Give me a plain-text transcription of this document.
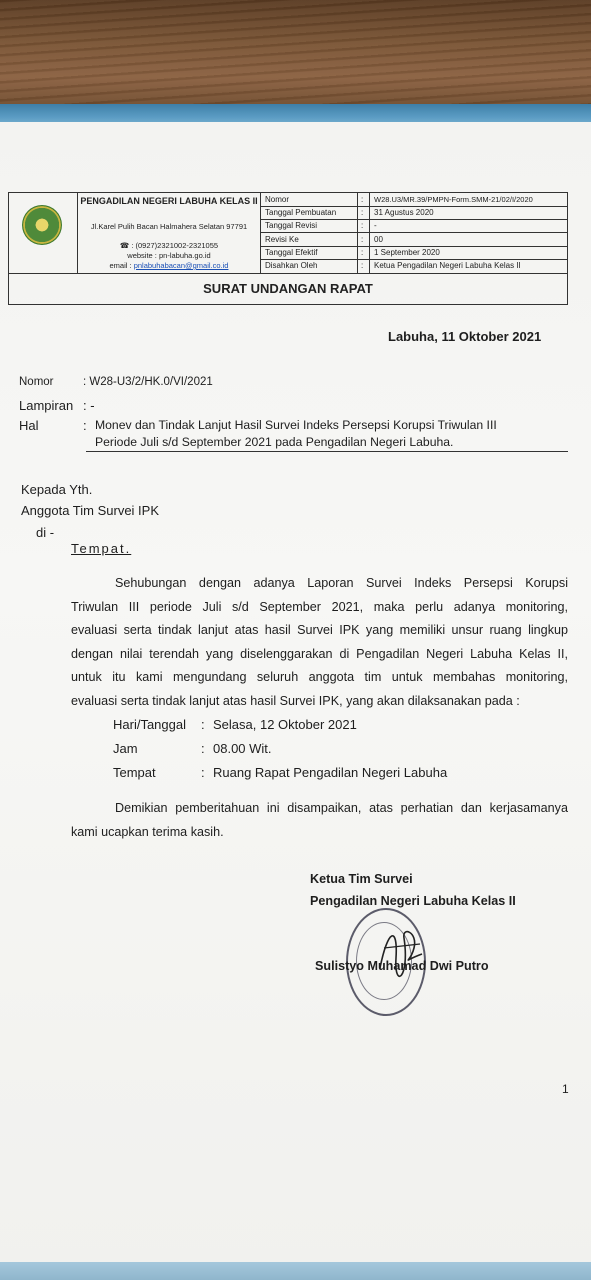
PENGADILAN NEGERI LABUHA KELAS II
Jl.Karel Pulih Bacan Halmahera Selatan 97791
☎ : (0927)2321002-2321055
website : pn-labuha.go.id
email : pnlabuhabacan@gmail.co.id
Nomor	: W28.U3/MR.39/PMPN-Form.SMM-21/02/I/2020
Tanggal Pembuatan	: 31 Agustus 2020
Tanggal Revisi	: -
Revisi Ke	: 00
Tanggal Efektif	: 1 September 2020
Disahkan Oleh	: Ketua Pengadilan Negeri Labuha Kelas II
SURAT UNDANGAN RAPAT
Labuha, 11 Oktober 2021
Nomor	: W28-U3/2/HK.0/VI/2021
Lampiran : -
Hal	: Monev dan Tindak Lanjut Hasil Survei Indeks Persepsi Korupsi Triwulan III
Periode Juli s/d September 2021 pada Pengadilan Negeri Labuha.
Kepada Yth.
Anggota Tim Survei IPK
di -
Tempat.
Sehubungan dengan adanya Laporan Survei Indeks Persepsi Korupsi
Triwulan III periode Juli s/d September 2021, maka perlu adanya monitoring,
evaluasi serta tindak lanjut atas hasil Survei IPK yang memiliki unsur ruang lingkup
dengan nilai terendah yang diselenggarakan di Pengadilan Negeri Labuha Kelas II,
untuk itu kami mengundang seluruh anggota tim untuk membahas monitoring,
evaluasi serta tindak lanjut atas hasil Survei IPK, yang akan dilaksanakan pada :
Hari/Tanggal : Selasa, 12 Oktober 2021
Jam	: 08.00 Wit.
Tempat	: Ruang Rapat Pengadilan Negeri Labuha
Demikian pemberitahuan ini disampaikan, atas perhatian dan kerjasamanya
kami ucapkan terima kasih.
Ketua Tim Survei
Pengadilan Negeri Labuha Kelas II
Sulistyo Muhamad Dwi Putro
1
